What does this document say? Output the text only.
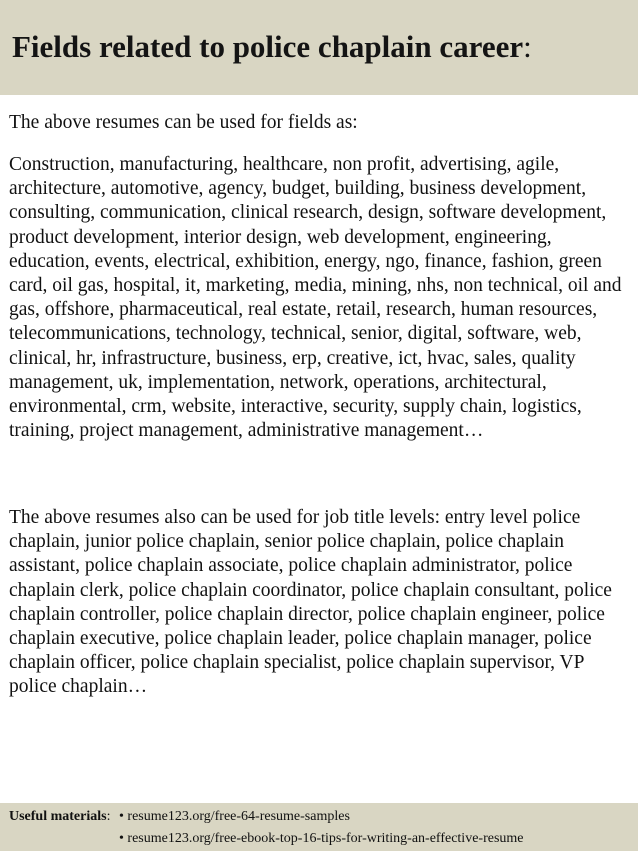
Fields related to police chaplain career:

The above resumes can be used for fields as:

Construction, manufacturing, healthcare, non profit, advertising, agile, architecture, automotive, agency, budget, building, business development, consulting, communication, clinical research, design, software development, product development, interior design, web development, engineering, education, events, electrical, exhibition, energy, ngo, finance, fashion, green card, oil gas, hospital, it, marketing, media, mining, nhs, non technical, oil and gas, offshore, pharmaceutical, real estate, retail, research, human resources, telecommunications, technology, technical, senior, digital, software, web, clinical, hr, infrastructure, business, erp, creative, ict, hvac, sales, quality management, uk, implementation, network, operations, architectural, environmental, crm, website, interactive, security, supply chain, logistics, training, project management, administrative management…

The above resumes also can be used for job title levels: entry level police chaplain, junior police chaplain, senior police chaplain, police chaplain assistant, police chaplain associate, police chaplain administrator, police chaplain clerk, police chaplain coordinator, police chaplain consultant, police chaplain controller, police chaplain director, police chaplain engineer, police chaplain executive, police chaplain leader, police chaplain manager, police chaplain officer, police chaplain specialist, police chaplain supervisor, VP police chaplain…

Useful materials: • resume123.org/free-64-resume-samples
• resume123.org/free-ebook-top-16-tips-for-writing-an-effective-resume
